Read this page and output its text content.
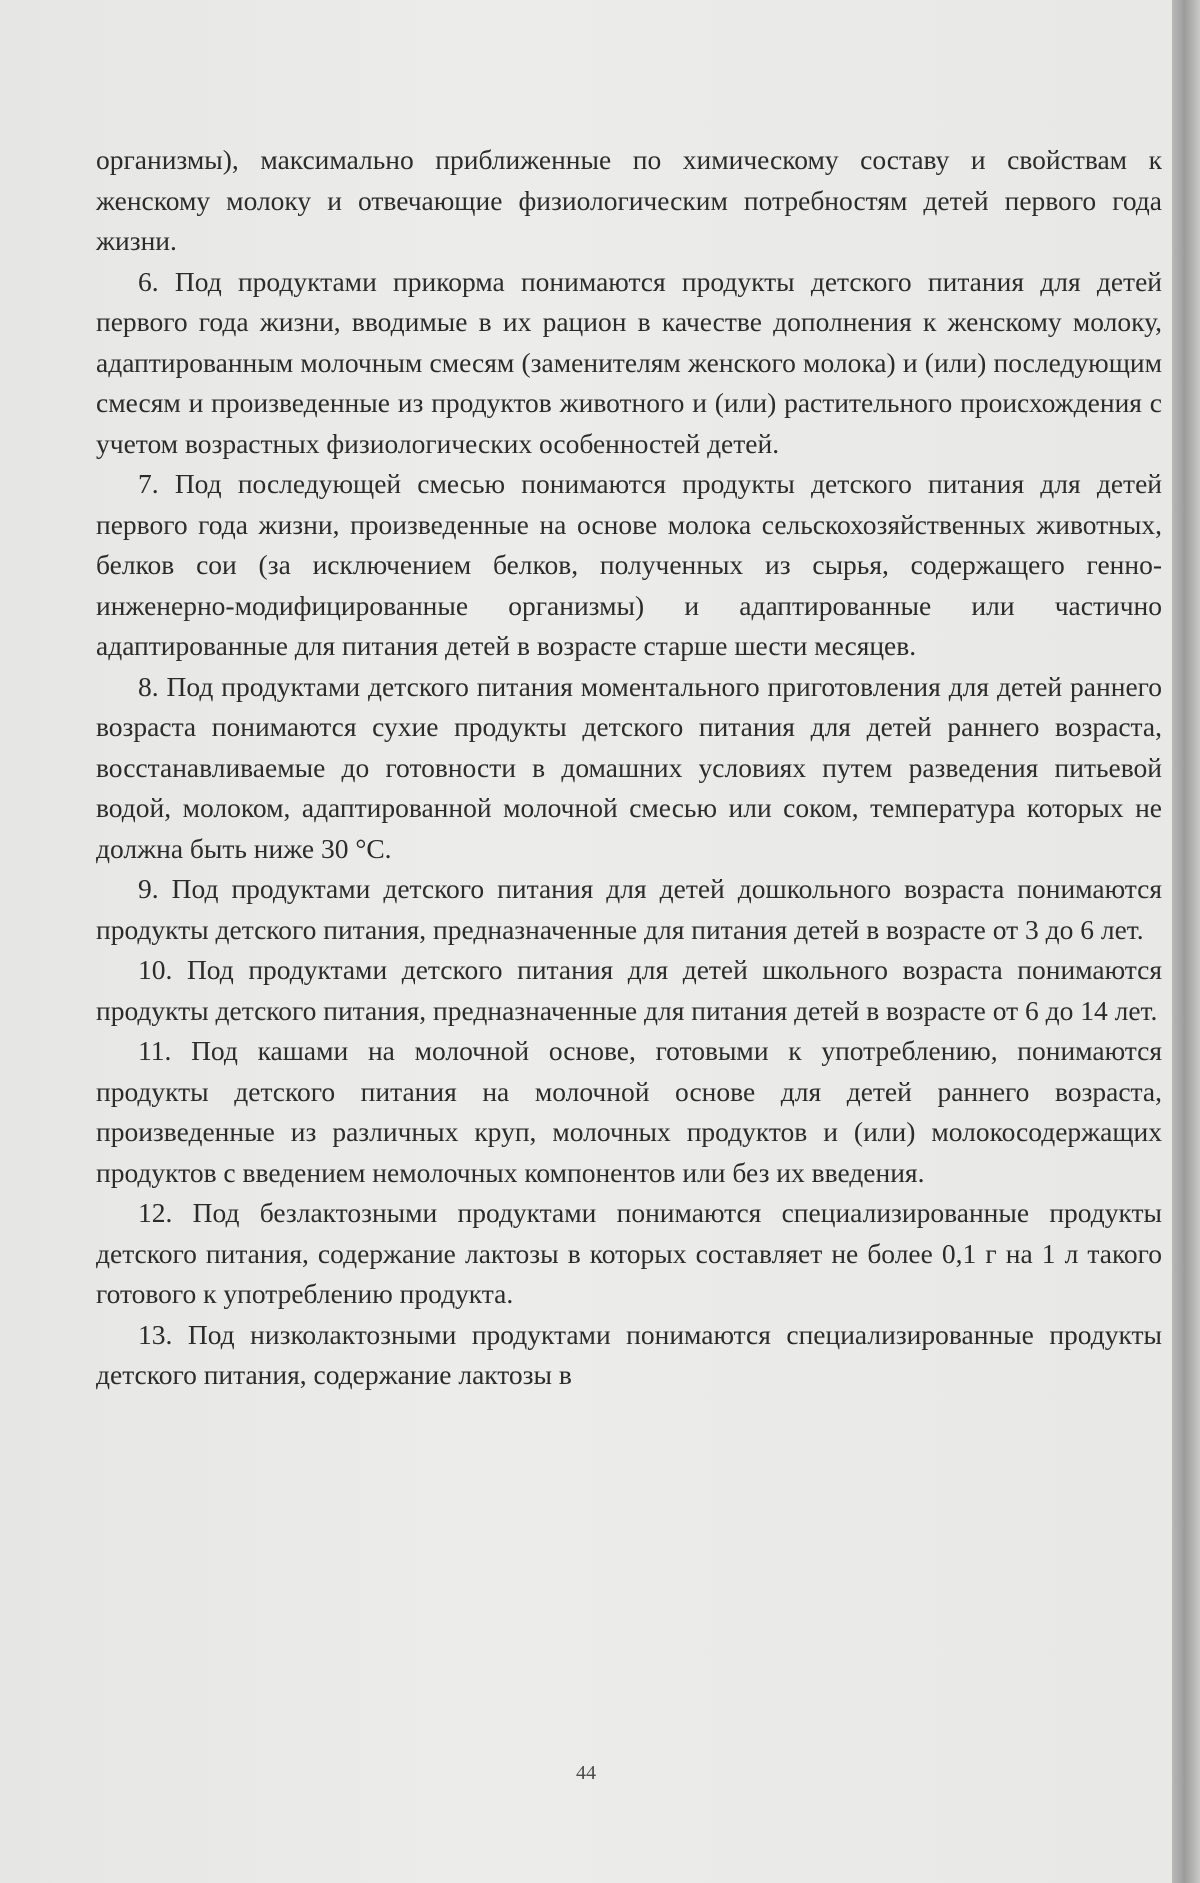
организмы), максимально приближенные по химическому составу и свойствам к женскому молоку и отвечающие физиологическим потребностям детей первого года жизни.

6. Под продуктами прикорма понимаются продукты детского питания для детей первого года жизни, вводимые в их рацион в качестве дополнения к женскому молоку, адаптированным молочным смесям (заменителям женского молока) и (или) последующим смесям и произведенные из продуктов животного и (или) растительного происхождения с учетом возрастных физиологических особенностей детей.

7. Под последующей смесью понимаются продукты детского питания для детей первого года жизни, произведенные на основе молока сельскохозяйственных животных, белков сои (за исключением белков, полученных из сырья, содержащего генно-инженерно-модифицированные организмы) и адаптированные или частично адаптированные для питания детей в возрасте старше шести месяцев.

8. Под продуктами детского питания моментального приготовления для детей раннего возраста понимаются сухие продукты детского питания для детей раннего возраста, восстанавливаемые до готовности в домашних условиях путем разведения питьевой водой, молоком, адаптированной молочной смесью или соком, температура которых не должна быть ниже 30 °С.

9. Под продуктами детского питания для детей дошкольного возраста понимаются продукты детского питания, предназначенные для питания детей в возрасте от 3 до 6 лет.

10. Под продуктами детского питания для детей школьного возраста понимаются продукты детского питания, предназначенные для питания детей в возрасте от 6 до 14 лет.

11. Под кашами на молочной основе, готовыми к употреблению, понимаются продукты детского питания на молочной основе для детей раннего возраста, произведенные из различных круп, молочных продуктов и (или) молокосодержащих продуктов с введением немолочных компонентов или без их введения.

12. Под безлактозными продуктами понимаются специализированные продукты детского питания, содержание лактозы в которых составляет не более 0,1 г на 1 л такого готового к употреблению продукта.

13. Под низколактозными продуктами понимаются специализированные продукты детского питания, содержание лактозы в

44
